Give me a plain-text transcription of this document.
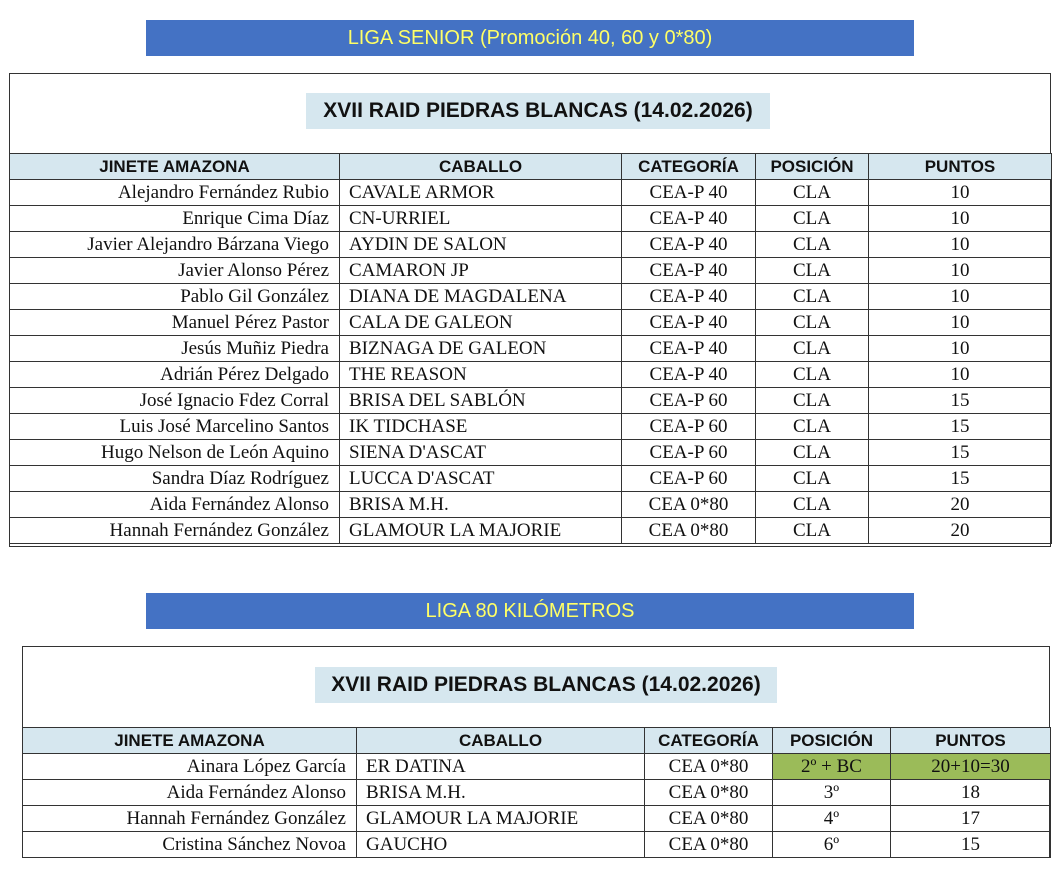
LIGA SENIOR (Promoción 40, 60 y 0*80)
XVII RAID PIEDRAS BLANCAS (14.02.2026)
JINETE AMAZONA	CABALLO	CATEGORÍA	POSICIÓN	PUNTOS
Alejandro Fernández Rubio	CAVALE ARMOR	CEA-P 40	CLA	10
Enrique Cima Díaz	CN-URRIEL	CEA-P 40	CLA	10
Javier Alejandro Bárzana Viego	AYDIN DE SALON	CEA-P 40	CLA	10
Javier Alonso Pérez	CAMARON JP	CEA-P 40	CLA	10
Pablo Gil González	DIANA DE MAGDALENA	CEA-P 40	CLA	10
Manuel Pérez Pastor	CALA DE GALEON	CEA-P 40	CLA	10
Jesús Muñiz Piedra	BIZNAGA DE GALEON	CEA-P 40	CLA	10
Adrián Pérez Delgado	THE REASON	CEA-P 40	CLA	10
José Ignacio Fdez Corral	BRISA DEL SABLÓN	CEA-P 60	CLA	15
Luis José Marcelino Santos	IK TIDCHASE	CEA-P 60	CLA	15
Hugo Nelson de León Aquino	SIENA D'ASCAT	CEA-P 60	CLA	15
Sandra Díaz Rodríguez	LUCCA D'ASCAT	CEA-P 60	CLA	15
Aida Fernández Alonso	BRISA M.H.	CEA 0*80	CLA	20
Hannah Fernández González	GLAMOUR LA MAJORIE	CEA 0*80	CLA	20
LIGA 80 KILÓMETROS
XVII RAID PIEDRAS BLANCAS (14.02.2026)
JINETE AMAZONA	CABALLO	CATEGORÍA	POSICIÓN	PUNTOS
Ainara López García	ER DATINA	CEA 0*80	2º + BC	20+10=30
Aida Fernández Alonso	BRISA M.H.	CEA 0*80	3º	18
Hannah Fernández González	GLAMOUR LA MAJORIE	CEA 0*80	4º	17
Cristina Sánchez Novoa	GAUCHO	CEA 0*80	6º	15
